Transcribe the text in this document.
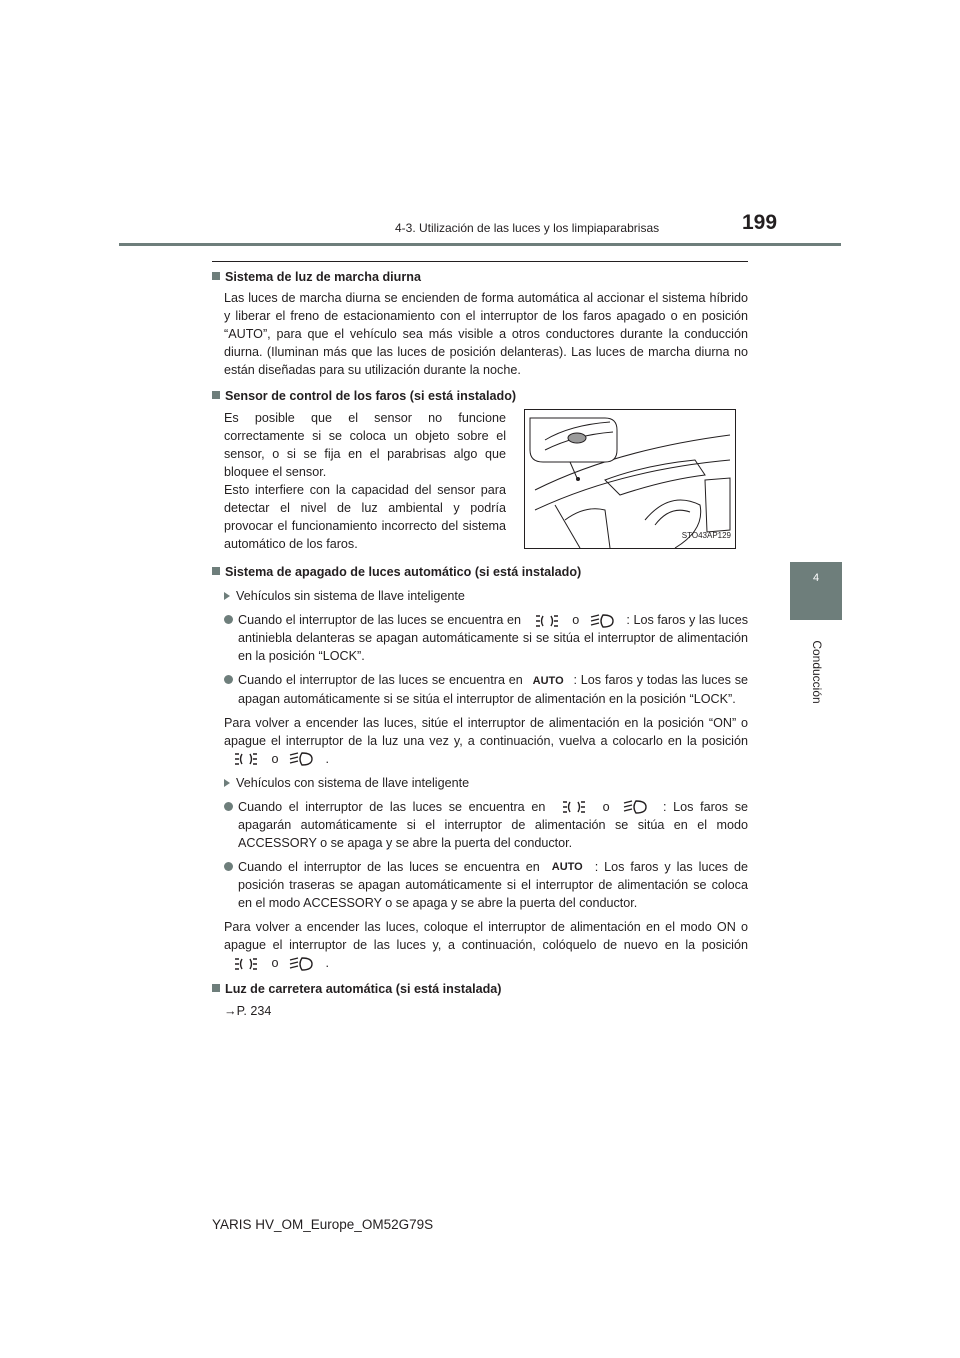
4-3. Utilización de las luces y los limpiaparabrisas	199
4
Conducción

Sistema de luz de marcha diurna

Las luces de marcha diurna se encienden de forma automática al accionar el sistema híbrido y liberar el freno de estacionamiento con el interruptor de los faros apagado o en posición “AUTO”, para que el vehículo sea más visible a otros conductores durante la conducción diurna. (Iluminan más que las luces de posición delanteras). Las luces de marcha diurna no están diseñadas para su utilización durante la noche.

Sensor de control de los faros (si está instalado)

Es posible que el sensor no funcione correctamente si se coloca un objeto sobre el sensor, o si se fija en el parabrisas algo que bloquee el sensor.
Esto interfiere con la capacidad del sensor para detectar el nivel de luz ambiental y podría provocar el funcionamiento incorrecto del sistema automático de los faros.
STO43AP129

Sistema de apagado de luces automático (si está instalado)

Vehículos sin sistema de llave inteligente

Cuando el interruptor de las luces se encuentra en	o	: Los faros y las luces antiniebla delanteras se apagan automáticamente si se sitúa el interruptor de alimentación en la posición “LOCK”.
Cuando el interruptor de las luces se encuentra en AUTO : Los faros y todas las luces se apagan automáticamente si se sitúa el interruptor de alimentación en la posición “LOCK”.

Para volver a encender las luces, sitúe el interruptor de alimentación en la posición “ON” o apague el interruptor de la luz una vez y, a continuación, vuelva a colocarlo en la posición  o	.

Vehículos con sistema de llave inteligente

Cuando el interruptor de las luces se encuentra en	o	: Los faros se apagarán automáticamente si el interruptor de alimentación se sitúa en el modo ACCESSORY o se apaga y se abre la puerta del conductor.
Cuando el interruptor de las luces se encuentra en AUTO : Los faros y las luces de posición traseras se apagan automáticamente si el interruptor de alimentación se coloca en el modo ACCESSORY o se apaga y se abre la puerta del conductor.

Para volver a encender las luces, coloque el interruptor de alimentación en el modo ON o apague el interruptor de las luces y, a continuación, colóquelo de nuevo en la posición  o	.

Luz de carretera automática (si está instalada)

→P. 234

YARIS HV_OM_Europe_OM52G79S
